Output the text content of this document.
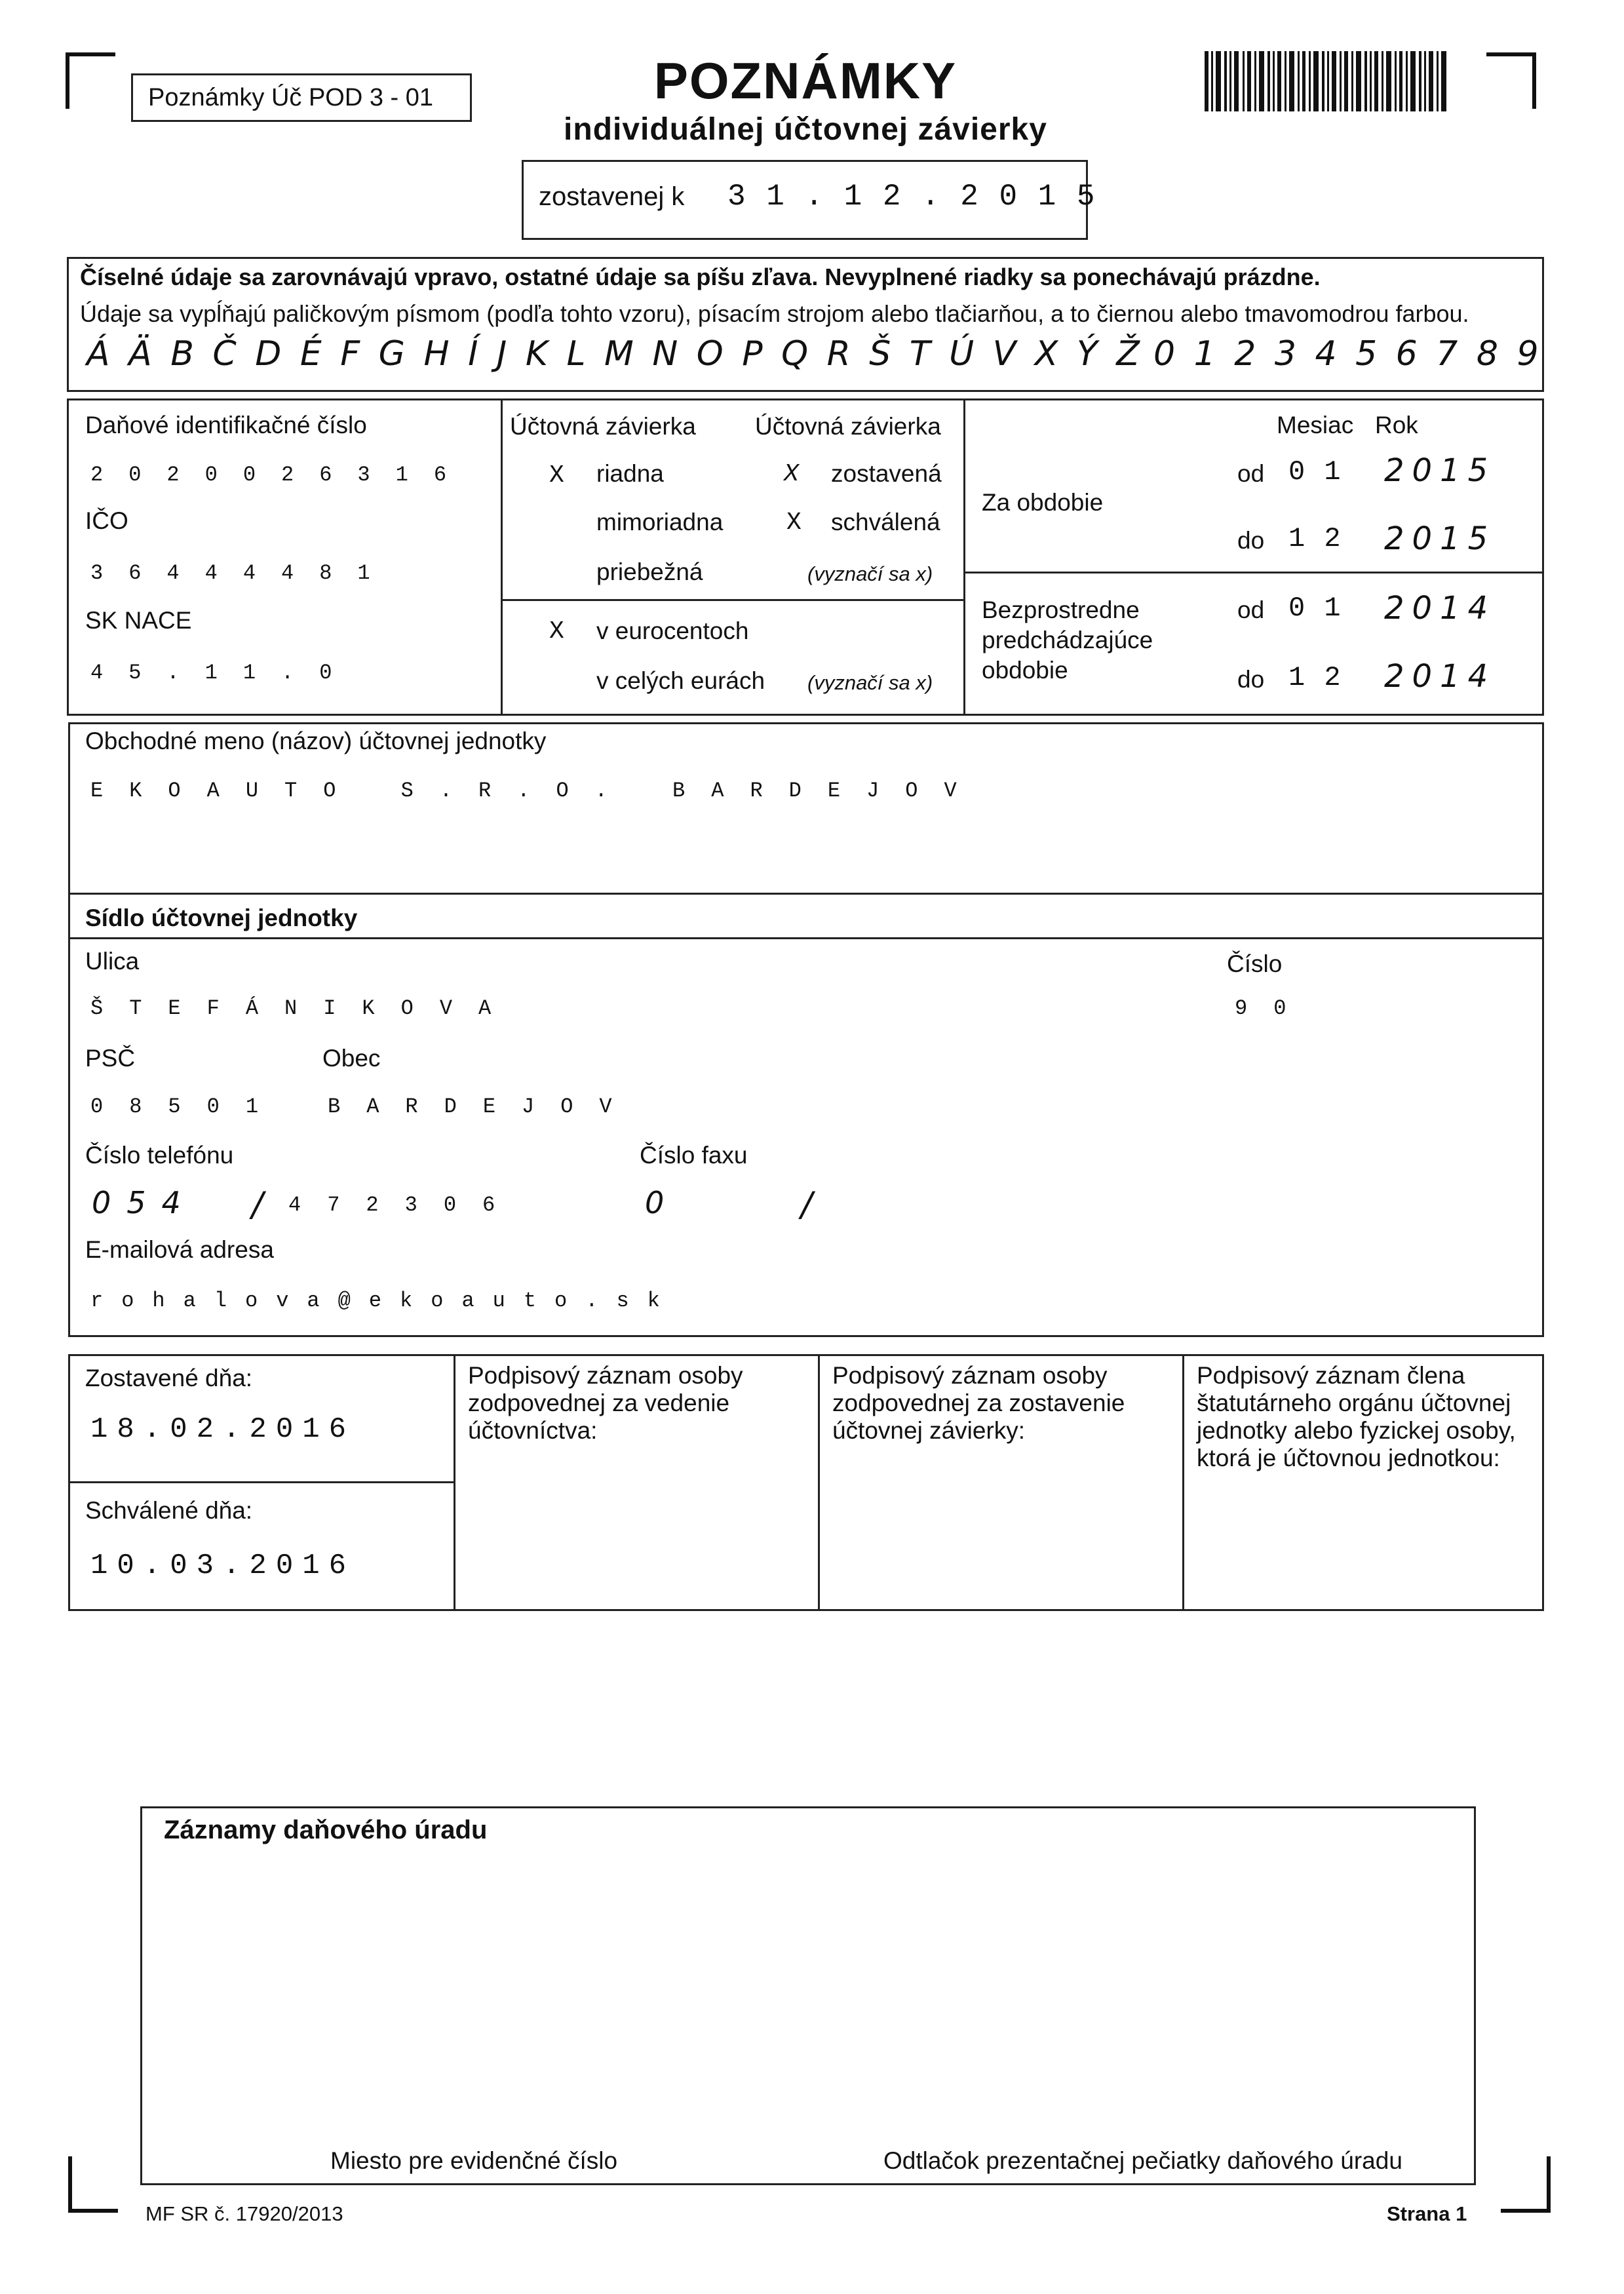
Poznámky Úč POD 3 - 01	POZNÁMKY
individuálnej účtovnej závierky
zostavenej k 3 1 . 1 2 . 2 0 1 5
Číselné údaje sa zarovnávajú vpravo, ostatné údaje sa píšu zľava. Nevyplnené riadky sa ponechávajú prázdne.
Údaje sa vypĺňajú paličkovým písmom (podľa tohto vzoru), písacím strojom alebo tlačiarňou, a to čiernou alebo tmavomodrou farbou.
Á Ä B Č D É F G H Í J K L M N O P Q R Š T Ú V X Ý Ž 0 1 2 3 4 5 6 7 8 9
Daňové identifikačné číslo
2020026316
IČO
36444481
SK NACE
45.11.0
Účtovná závierka Účtovná závierka
X riadna	X zostavená
mimoriadna	X schválená
priebežná	(vyznačí sa x)
X v eurocentoch
v celých eurách (vyznačí sa x)
Mesiac Rok
Za obdobie
od 0 1 2015
do 1 2 2015
Bezprostredne
predchádzajúce
obdobie
od 0 1 2014
do 1 2 2014
Obchodné meno (názov) účtovnej jednotky
EKOAUTO S.R.O. BARDEJOV
Sídlo účtovnej jednotky
Ulica
ŠTEFÁNIKOVA
Číslo
90
PSČ
08501
Obec
BARDEJOV
Číslo telefónu
054 / 472306
Číslo faxu
0	/
E-mailová adresa
rohalova@ekoauto.sk
Zostavené dňa:
18.02.2016
Schválené dňa:
10.03.2016
Podpisový záznam osoby zodpovednej za vedenie účtovníctva:
Podpisový záznam osoby zodpovednej za zostavenie účtovnej závierky:
Podpisový záznam člena štatutárneho orgánu účtovnej jednotky alebo fyzickej osoby, ktorá je účtovnou jednotkou:
Záznamy daňového úradu
Miesto pre evidenčné číslo	Odtlačok prezentačnej pečiatky daňového úradu
MF SR č. 17920/2013	Strana 1
